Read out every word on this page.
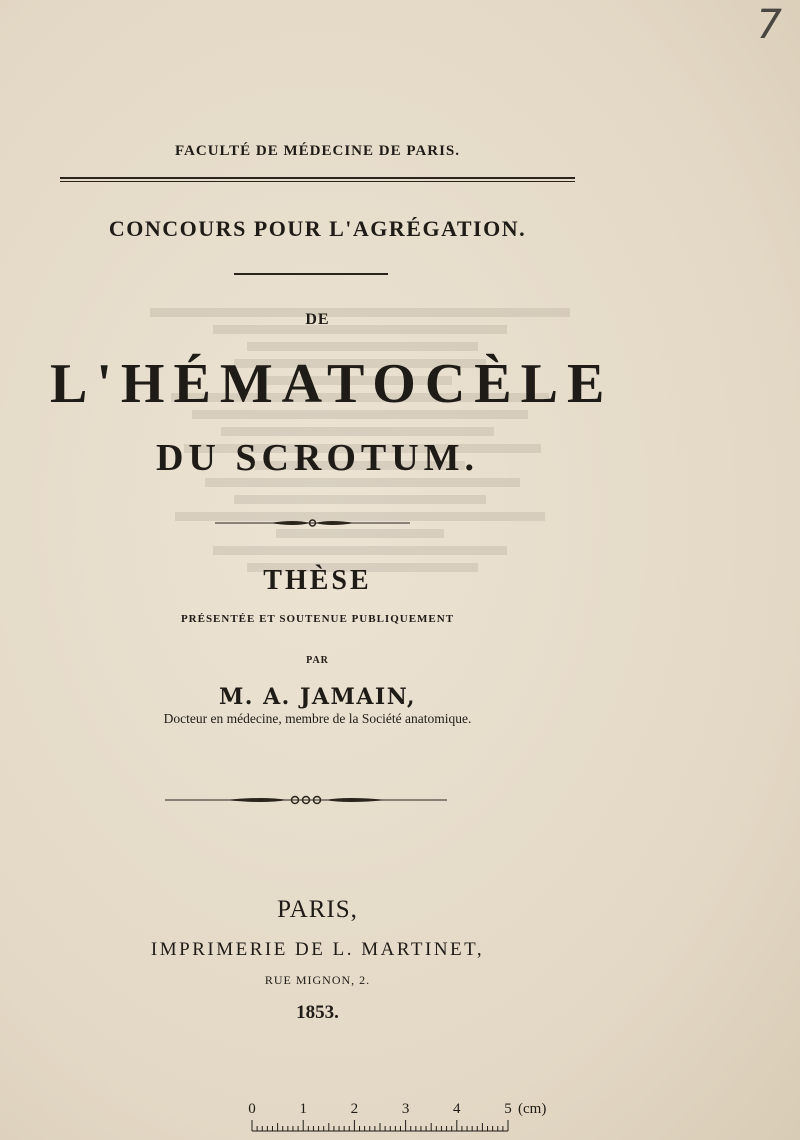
7
FACULTÉ DE MÉDECINE DE PARIS.
CONCOURS POUR L'AGRÉGATION.
DE
L'HÉMATOCÈLE
DU SCROTUM.
THÈSE
PRÉSENTÉE ET SOUTENUE PUBLIQUEMENT
PAR
M. A. JAMAIN,
Docteur en médecine, membre de la Société anatomique.
PARIS,
IMPRIMERIE DE L. MARTINET,
RUE MIGNON, 2.
1853.
0	1	2	3	4	5 (cm)
